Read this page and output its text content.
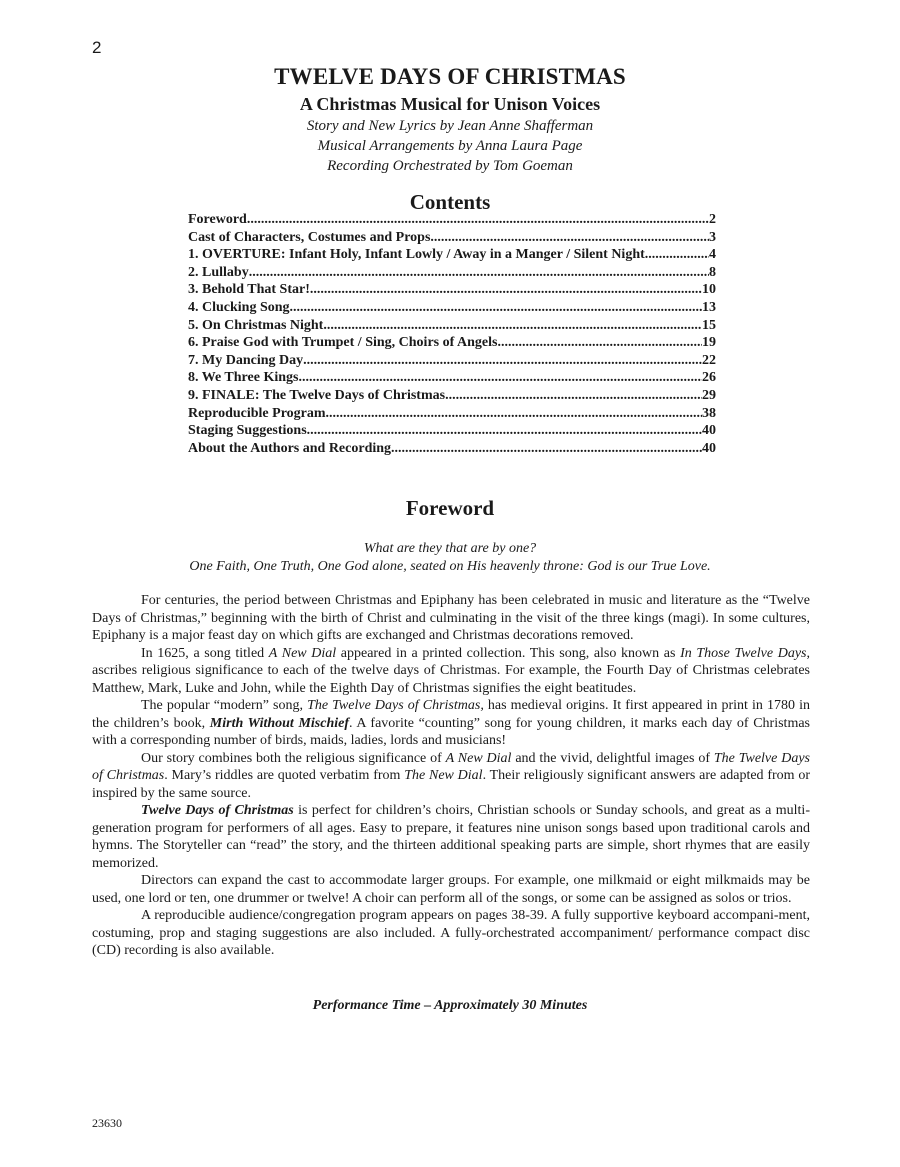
2
TWELVE DAYS OF CHRISTMAS
A Christmas Musical for Unison Voices
Story and New Lyrics by Jean Anne Shafferman
Musical Arrangements by Anna Laura Page
Recording Orchestrated by Tom Goeman
Contents
Foreword .....	2
Cast of Characters, Costumes and Props .....	3
1. OVERTURE: Infant Holy, Infant Lowly / Away in a Manger / Silent Night .....	4
2. Lullaby .....	8
3. Behold That Star! .....	10
4. Clucking Song .....	13
5. On Christmas Night .....	15
6. Praise God with Trumpet / Sing, Choirs of Angels .....	19
7. My Dancing Day .....	22
8. We Three Kings .....	26
9. FINALE: The Twelve Days of Christmas .....	29
Reproducible Program .....	38
Staging Suggestions .....	40
About the Authors and Recording .....	40
Foreword
What are they that are by one?
One Faith, One Truth, One God alone, seated on His heavenly throne: God is our True Love.

For centuries, the period between Christmas and Epiphany has been celebrated in music and literature as the “Twelve Days of Christmas,” beginning with the birth of Christ and culminating in the visit of the three kings (magi). In some cultures, Epiphany is a major feast day on which gifts are exchanged and Christmas decorations removed.

In 1625, a song titled A New Dial appeared in a printed collection. This song, also known as In Those Twelve Days, ascribes religious significance to each of the twelve days of Christmas. For example, the Fourth Day of Christmas celebrates Matthew, Mark, Luke and John, while the Eighth Day of Christmas signifies the eight beatitudes.

The popular “modern” song, The Twelve Days of Christmas, has medieval origins. It first appeared in print in 1780 in the children’s book, Mirth Without Mischief. A favorite “counting” song for young children, it marks each day of Christmas with a corresponding number of birds, maids, ladies, lords and musicians!

Our story combines both the religious significance of A New Dial and the vivid, delightful images of The Twelve Days of Christmas. Mary’s riddles are quoted verbatim from The New Dial. Their religiously significant answers are adapted from or inspired by the same source.

Twelve Days of Christmas is perfect for children’s choirs, Christian schools or Sunday schools, and great as a multi-generation program for performers of all ages. Easy to prepare, it features nine unison songs based upon traditional carols and hymns. The Storyteller can “read” the story, and the thirteen additional speaking parts are simple, short rhymes that are easily memorized.

Directors can expand the cast to accommodate larger groups. For example, one milkmaid or eight milkmaids may be used, one lord or ten, one drummer or twelve! A choir can perform all of the songs, or some can be assigned as solos or trios.

A reproducible audience/congregation program appears on pages 38-39. A fully supportive keyboard accompani-ment, costuming, prop and staging suggestions are also included. A fully-orchestrated accompaniment/ performance compact disc (CD) recording is also available.

Performance Time – Approximately 30 Minutes
23630
